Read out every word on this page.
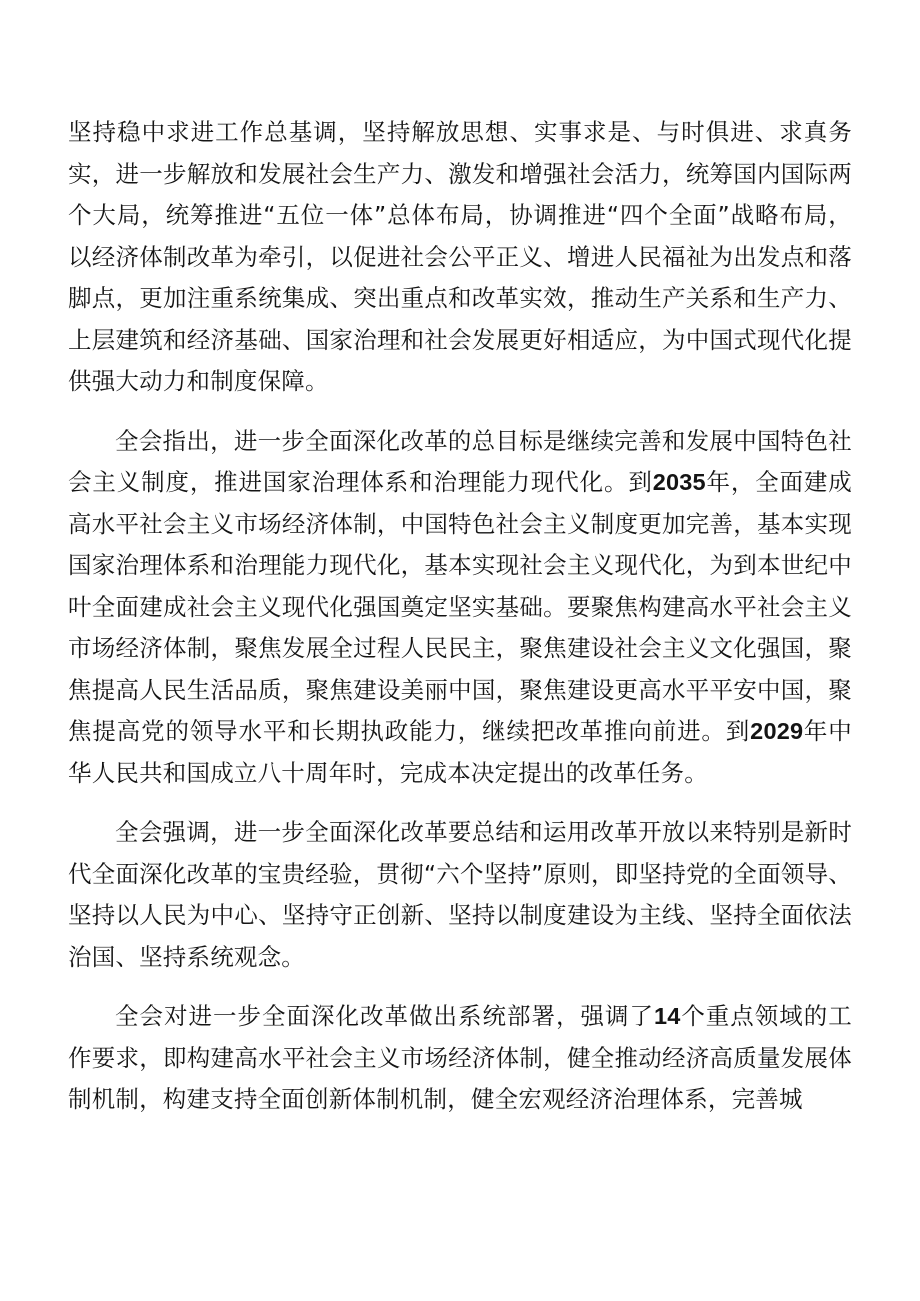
坚持稳中求进工作总基调，坚持解放思想、实事求是、与时俱进、求真务实，进一步解放和发展社会生产力、激发和增强社会活力，统筹国内国际两个大局，统筹推进“五位一体”总体布局，协调推进“四个全面”战略布局，以经济体制改革为牵引，以促进社会公平正义、增进人民福祉为出发点和落脚点，更加注重系统集成、突出重点和改革实效，推动生产关系和生产力、上层建筑和经济基础、国家治理和社会发展更好相适应，为中国式现代化提供强大动力和制度保障。

全会指出，进一步全面深化改革的总目标是继续完善和发展中国特色社会主义制度，推进国家治理体系和治理能力现代化。到2035年，全面建成高水平社会主义市场经济体制，中国特色社会主义制度更加完善，基本实现国家治理体系和治理能力现代化，基本实现社会主义现代化，为到本世纪中叶全面建成社会主义现代化强国奠定坚实基础。要聚焦构建高水平社会主义市场经济体制，聚焦发展全过程人民民主，聚焦建设社会主义文化强国，聚焦提高人民生活品质，聚焦建设美丽中国，聚焦建设更高水平平安中国，聚焦提高党的领导水平和长期执政能力，继续把改革推向前进。到2029年中华人民共和国成立八十周年时，完成本决定提出的改革任务。

全会强调，进一步全面深化改革要总结和运用改革开放以来特别是新时代全面深化改革的宝贵经验，贯彻“六个坚持”原则，即坚持党的全面领导、坚持以人民为中心、坚持守正创新、坚持以制度建设为主线、坚持全面依法治国、坚持系统观念。

全会对进一步全面深化改革做出系统部署，强调了14个重点领域的工作要求，即构建高水平社会主义市场经济体制，健全推动经济高质量发展体制机制，构建支持全面创新体制机制，健全宏观经济治理体系，完善城
